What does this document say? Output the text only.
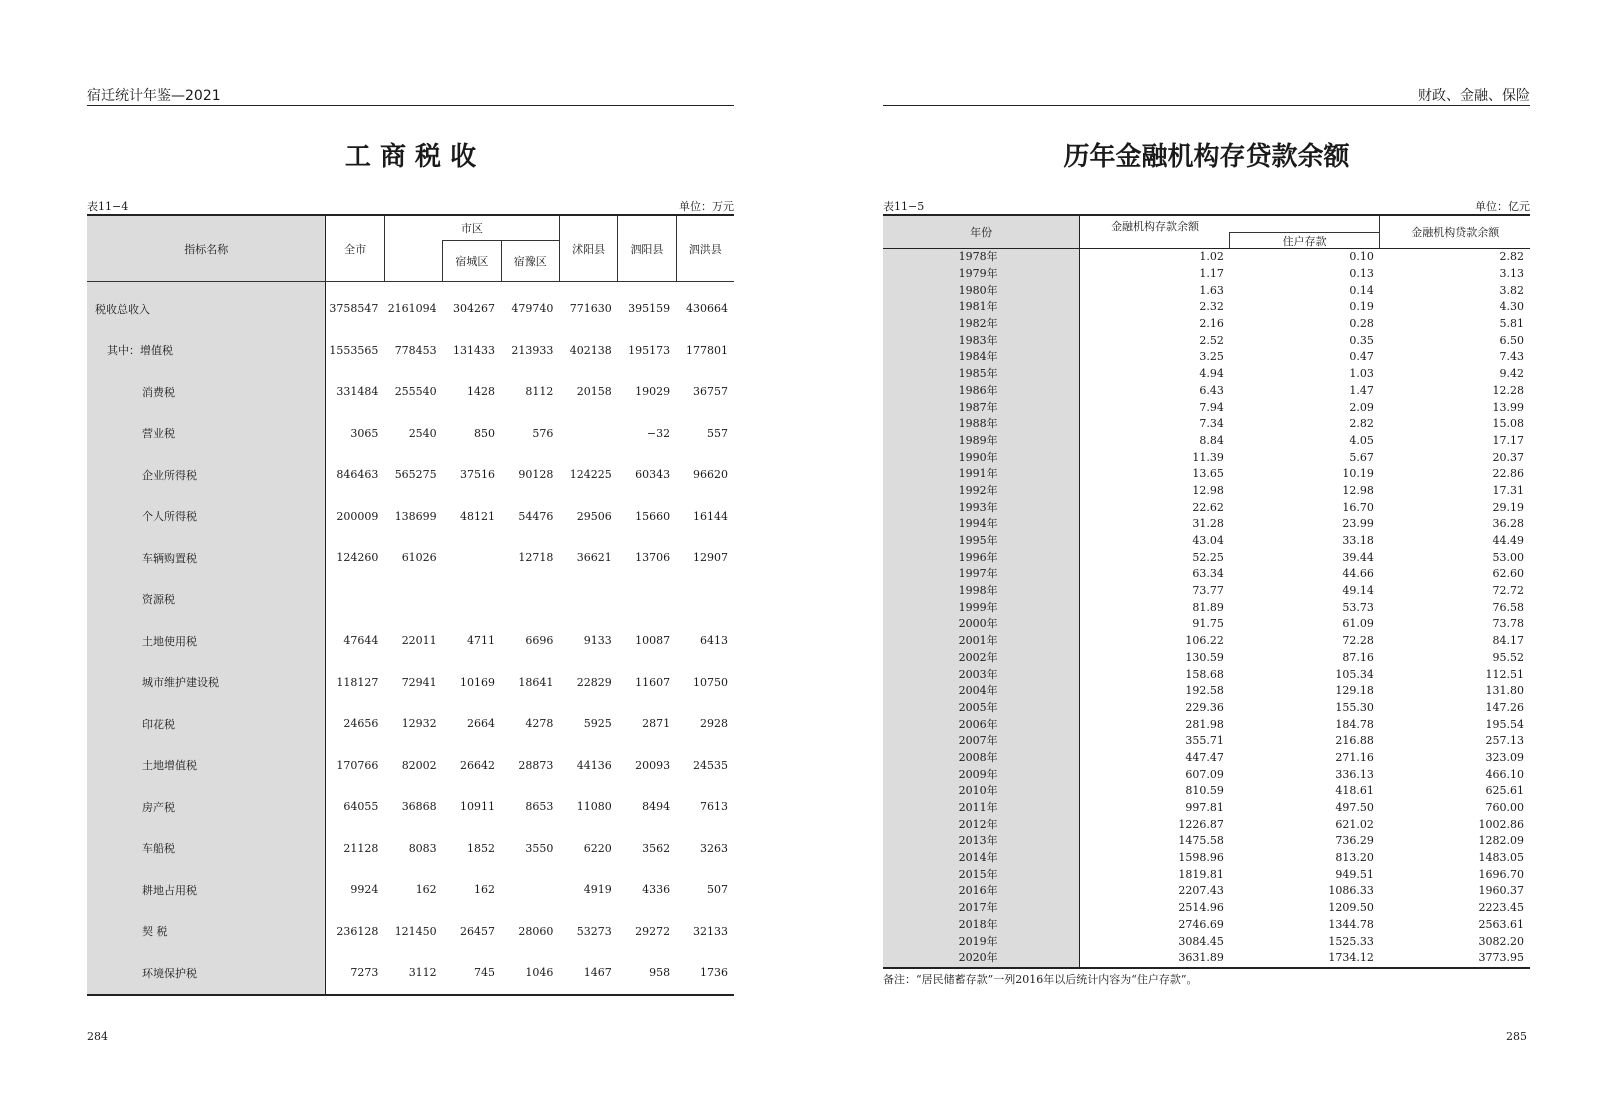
宿迁统计年鉴—2021
工 商 税 收
表11−4	单位：万元
指标名称	全市	市区			沭阳县	泗阳县	泗洪县
			宿城区	宿豫区			
税收总收入	3758547	2161094	304267	479740	771630	395159	430664
其中：增值税	1553565	778453	131433	213933	402138	195173	177801
消费税	331484	255540	1428	8112	20158	19029	36757
营业税	3065	2540	850	576		−32	557
企业所得税	846463	565275	37516	90128	124225	60343	96620
个人所得税	200009	138699	48121	54476	29506	15660	16144
车辆购置税	124260	61026		12718	36621	13706	12907
资源税							
土地使用税	47644	22011	4711	6696	9133	10087	6413
城市维护建设税	118127	72941	10169	18641	22829	11607	10750
印花税	24656	12932	2664	4278	5925	2871	2928
土地增值税	170766	82002	26642	28873	44136	20093	24535
房产税	64055	36868	10911	8653	11080	8494	7613
车船税	21128	8083	1852	3550	6220	3562	3263
耕地占用税	9924	162	162		4919	4336	507
契 税	236128	121450	26457	28060	53273	29272	32133
环境保护税	7273	3112	745	1046	1467	958	1736
284
财政、金融、保险
历年金融机构存贷款余额
表11−5	单位：亿元
年份	金融机构存款余额	住户存款	金融机构贷款余额
1978年	1.02	0.10	2.82
1979年	1.17	0.13	3.13
1980年	1.63	0.14	3.82
1981年	2.32	0.19	4.30
1982年	2.16	0.28	5.81
1983年	2.52	0.35	6.50
1984年	3.25	0.47	7.43
1985年	4.94	1.03	9.42
1986年	6.43	1.47	12.28
1987年	7.94	2.09	13.99
1988年	7.34	2.82	15.08
1989年	8.84	4.05	17.17
1990年	11.39	5.67	20.37
1991年	13.65	10.19	22.86
1992年	12.98	12.98	17.31
1993年	22.62	16.70	29.19
1994年	31.28	23.99	36.28
1995年	43.04	33.18	44.49
1996年	52.25	39.44	53.00
1997年	63.34	44.66	62.60
1998年	73.77	49.14	72.72
1999年	81.89	53.73	76.58
2000年	91.75	61.09	73.78
2001年	106.22	72.28	84.17
2002年	130.59	87.16	95.52
2003年	158.68	105.34	112.51
2004年	192.58	129.18	131.80
2005年	229.36	155.30	147.26
2006年	281.98	184.78	195.54
2007年	355.71	216.88	257.13
2008年	447.47	271.16	323.09
2009年	607.09	336.13	466.10
2010年	810.59	418.61	625.61
2011年	997.81	497.50	760.00
2012年	1226.87	621.02	1002.86
2013年	1475.58	736.29	1282.09
2014年	1598.96	813.20	1483.05
2015年	1819.81	949.51	1696.70
2016年	2207.43	1086.33	1960.37
2017年	2514.96	1209.50	2223.45
2018年	2746.69	1344.78	2563.61
2019年	3084.45	1525.33	3082.20
2020年	3631.89	1734.12	3773.95
备注：“居民储蓄存款”一列2016年以后统计内容为“住户存款”。
285
